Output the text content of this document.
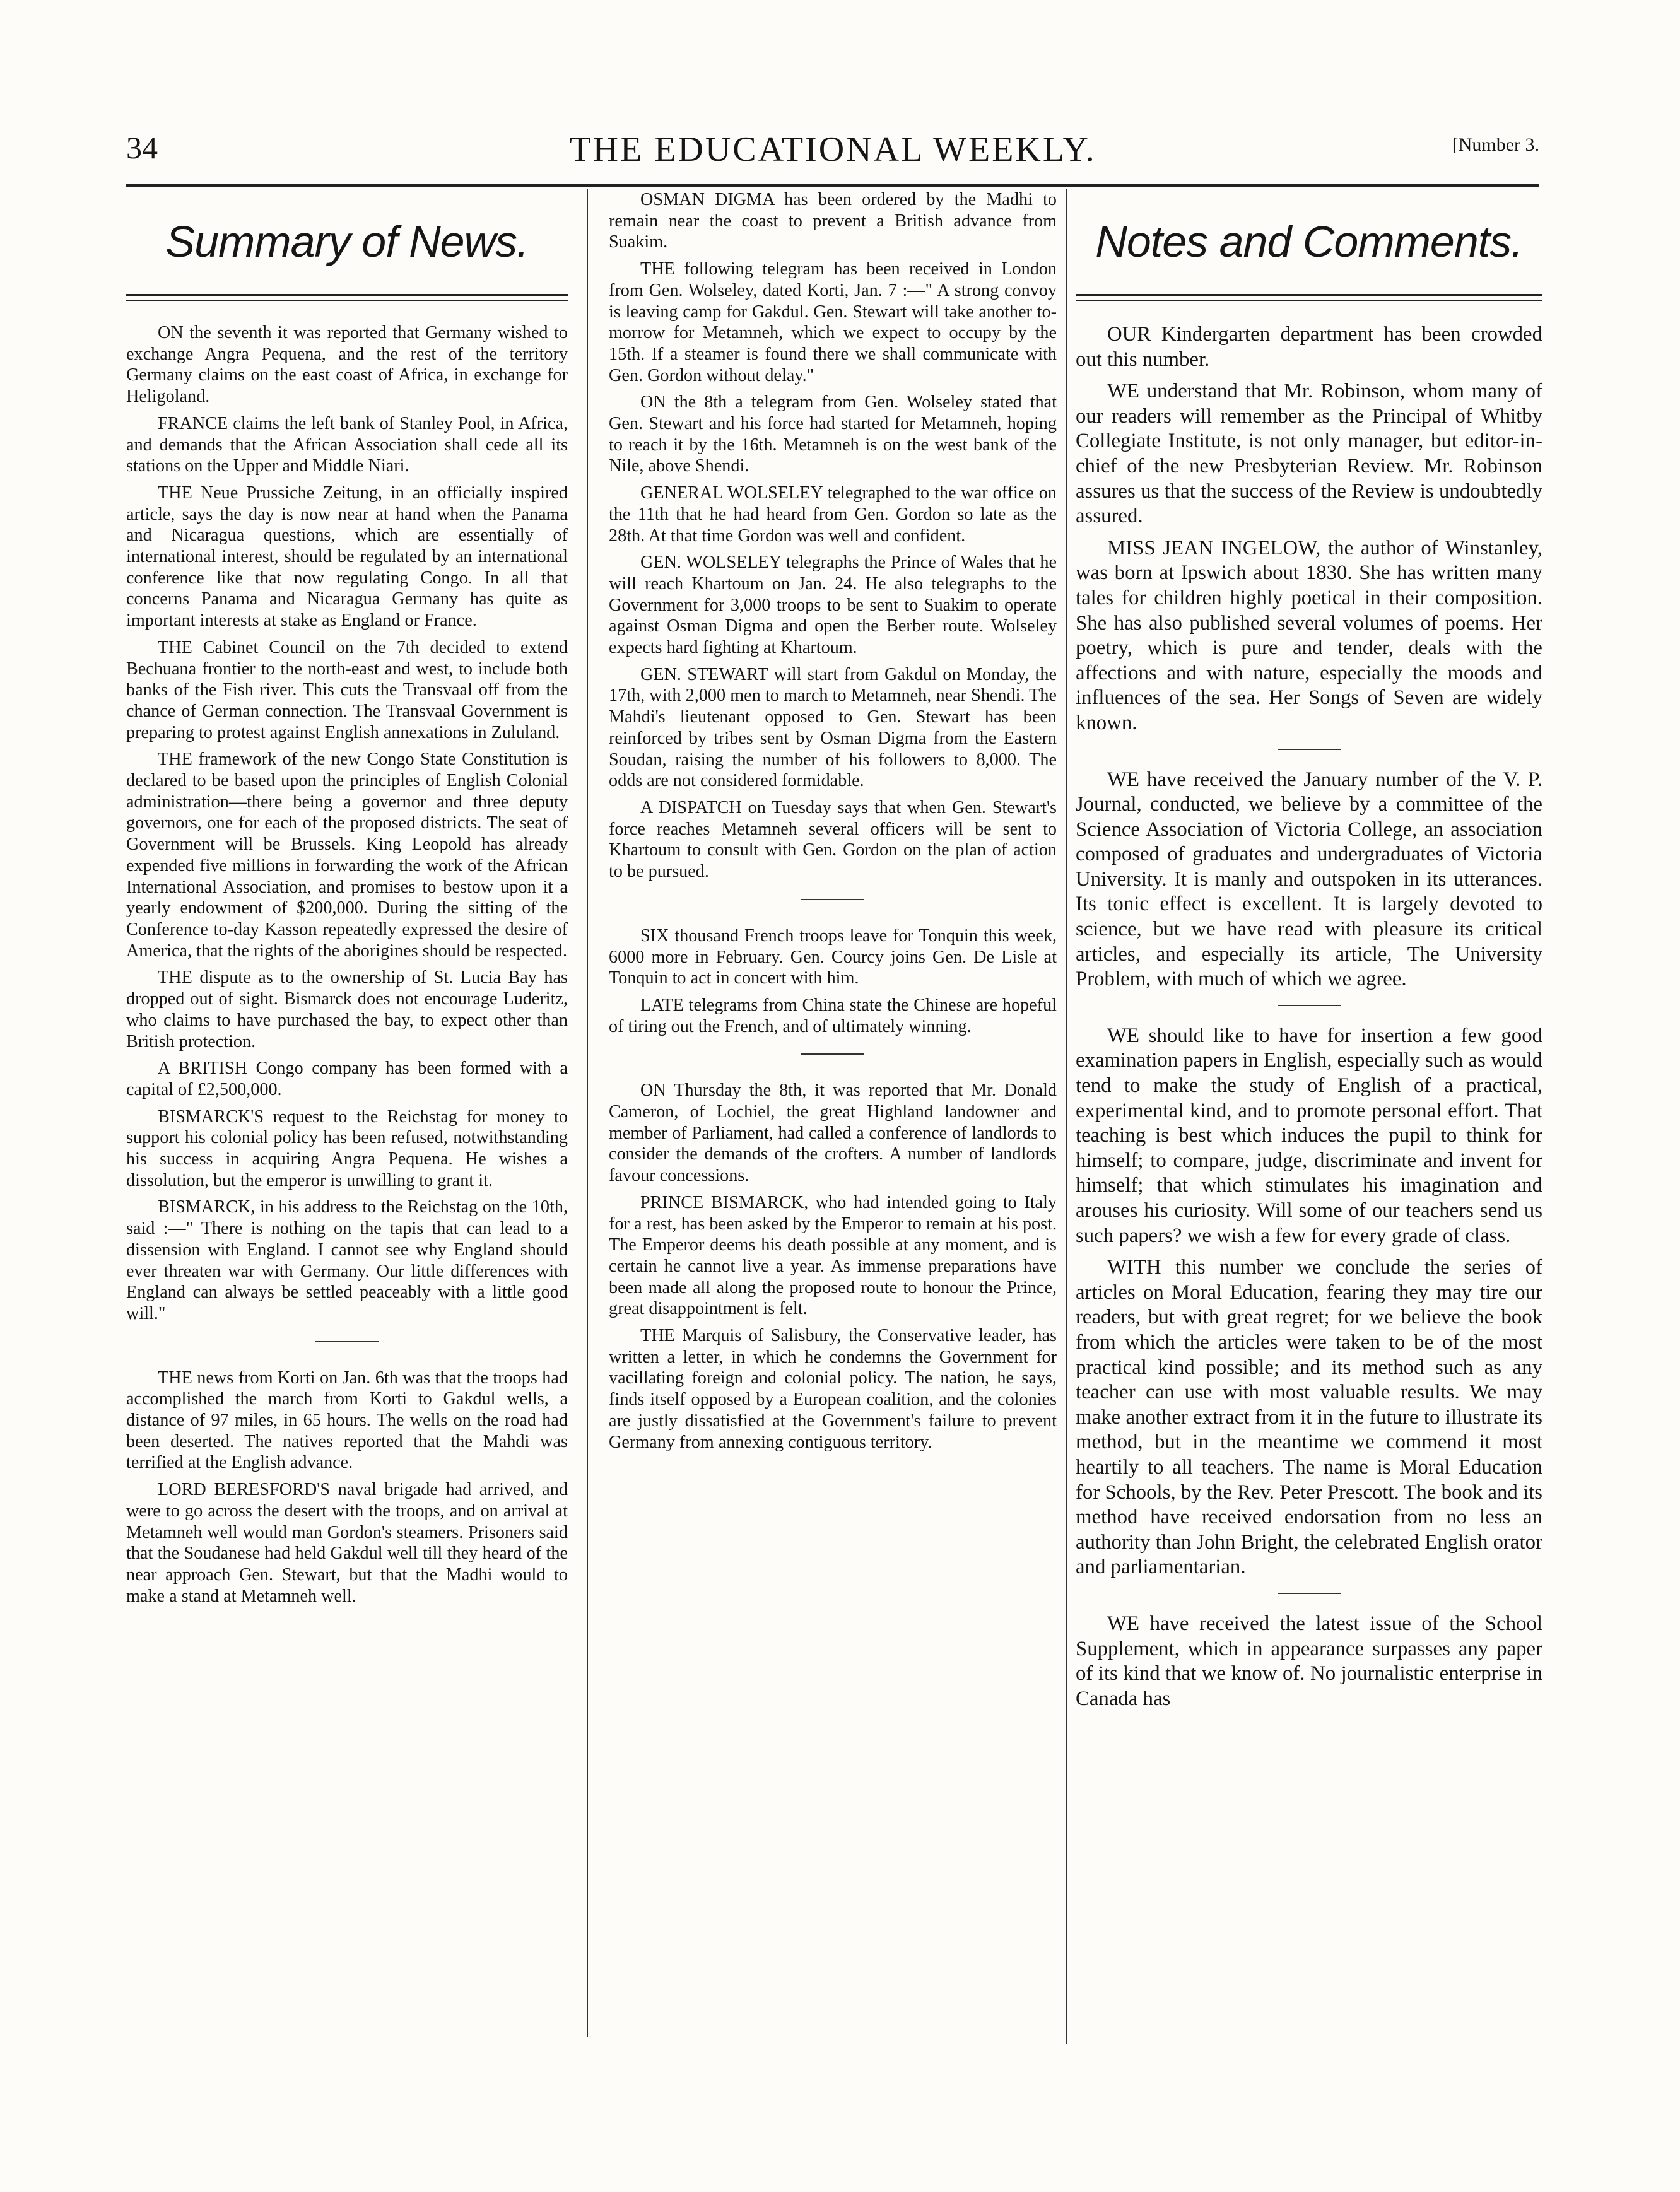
34	THE EDUCATIONAL WEEKLY.	[Number 3.
Summary of News.

ON the seventh it was reported that Germany wished to exchange Angra Pequena, and the rest of the territory Germany claims on the east coast of Africa, in exchange for Heligoland.

FRANCE claims the left bank of Stanley Pool, in Africa, and demands that the African Association shall cede all its stations on the Upper and Middle Niari.

THE Neue Prussiche Zeitung, in an officially inspired article, says the day is now near at hand when the Panama and Nicaragua questions, which are essentially of international interest, should be regulated by an international conference like that now regulating Congo. In all that concerns Panama and Nicaragua Germany has quite as important interests at stake as England or France.

THE Cabinet Council on the 7th decided to extend Bechuana frontier to the north-east and west, to include both banks of the Fish river. This cuts the Transvaal off from the chance of German connection. The Transvaal Government is preparing to protest against English annexations in Zululand.

THE framework of the new Congo State Constitution is declared to be based upon the principles of English Colonial administration—there being a governor and three deputy governors, one for each of the proposed districts. The seat of Government will be Brussels. King Leopold has already expended five millions in forwarding the work of the African International Association, and promises to bestow upon it a yearly endowment of $200,000. During the sitting of the Conference to-day Kasson repeatedly expressed the desire of America, that the rights of the aborigines should be respected.

THE dispute as to the ownership of St. Lucia Bay has dropped out of sight. Bismarck does not encourage Luderitz, who claims to have purchased the bay, to expect other than British protection.

A BRITISH Congo company has been formed with a capital of £2,500,000.

BISMARCK'S request to the Reichstag for money to support his colonial policy has been refused, notwithstanding his success in acquiring Angra Pequena. He wishes a dissolution, but the emperor is unwilling to grant it.

BISMARCK, in his address to the Reichstag on the 10th, said :—" There is nothing on the tapis that can lead to a dissension with England. I cannot see why England should ever threaten war with Germany. Our little differences with England can always be settled peaceably with a little good will."

THE news from Korti on Jan. 6th was that the troops had accomplished the march from Korti to Gakdul wells, a distance of 97 miles, in 65 hours. The wells on the road had been deserted. The natives reported that the Mahdi was terrified at the English advance.

LORD BERESFORD'S naval brigade had arrived, and were to go across the desert with the troops, and on arrival at Metamneh well would man Gordon's steamers. Prisoners said that the Soudanese had held Gakdul well till they heard of the near approach Gen. Stewart, but that the Madhi would to make a stand at Metamneh well.

OSMAN DIGMA has been ordered by the Madhi to remain near the coast to prevent a British advance from Suakim.

THE following telegram has been received in London from Gen. Wolseley, dated Korti, Jan. 7 :—" A strong convoy is leaving camp for Gakdul. Gen. Stewart will take another to-morrow for Metamneh, which we expect to occupy by the 15th. If a steamer is found there we shall communicate with Gen. Gordon without delay."

ON the 8th a telegram from Gen. Wolseley stated that Gen. Stewart and his force had started for Metamneh, hoping to reach it by the 16th. Metamneh is on the west bank of the Nile, above Shendi.

GENERAL WOLSELEY telegraphed to the war office on the 11th that he had heard from Gen. Gordon so late as the 28th. At that time Gordon was well and confident.

GEN. WOLSELEY telegraphs the Prince of Wales that he will reach Khartoum on Jan. 24. He also telegraphs to the Government for 3,000 troops to be sent to Suakim to operate against Osman Digma and open the Berber route. Wolseley expects hard fighting at Khartoum.

GEN. STEWART will start from Gakdul on Monday, the 17th, with 2,000 men to march to Metamneh, near Shendi. The Mahdi's lieutenant opposed to Gen. Stewart has been reinforced by tribes sent by Osman Digma from the Eastern Soudan, raising the number of his followers to 8,000. The odds are not considered formidable.

A DISPATCH on Tuesday says that when Gen. Stewart's force reaches Metamneh several officers will be sent to Khartoum to consult with Gen. Gordon on the plan of action to be pursued.

SIX thousand French troops leave for Tonquin this week, 6000 more in February. Gen. Courcy joins Gen. De Lisle at Tonquin to act in concert with him.

LATE telegrams from China state the Chinese are hopeful of tiring out the French, and of ultimately winning.

ON Thursday the 8th, it was reported that Mr. Donald Cameron, of Lochiel, the great Highland landowner and member of Parliament, had called a conference of landlords to consider the demands of the crofters. A number of landlords favour concessions.

PRINCE BISMARCK, who had intended going to Italy for a rest, has been asked by the Emperor to remain at his post. The Emperor deems his death possible at any moment, and is certain he cannot live a year. As immense preparations have been made all along the proposed route to honour the Prince, great disappointment is felt.

THE Marquis of Salisbury, the Conservative leader, has written a letter, in which he condemns the Government for vacillating foreign and colonial policy. The nation, he says, finds itself opposed by a European coalition, and the colonies are justly dissatisfied at the Government's failure to prevent Germany from annexing contiguous territory.

Notes and Comments.

OUR Kindergarten department has been crowded out this number.

WE understand that Mr. Robinson, whom many of our readers will remember as the Principal of Whitby Collegiate Institute, is not only manager, but editor-in-chief of the new Presbyterian Review. Mr. Robinson assures us that the success of the Review is undoubtedly assured.

MISS JEAN INGELOW, the author of Winstanley, was born at Ipswich about 1830. She has written many tales for children highly poetical in their composition. She has also published several volumes of poems. Her poetry, which is pure and tender, deals with the affections and with nature, especially the moods and influences of the sea. Her Songs of Seven are widely known.

WE have received the January number of the V. P. Journal, conducted, we believe by a committee of the Science Association of Victoria College, an association composed of graduates and undergraduates of Victoria University. It is manly and outspoken in its utterances. Its tonic effect is excellent. It is largely devoted to science, but we have read with pleasure its critical articles, and especially its article, The University Problem, with much of which we agree.

WE should like to have for insertion a few good examination papers in English, especially such as would tend to make the study of English of a practical, experimental kind, and to promote personal effort. That teaching is best which induces the pupil to think for himself; to compare, judge, discriminate and invent for himself; that which stimulates his imagination and arouses his curiosity. Will some of our teachers send us such papers? we wish a few for every grade of class.

WITH this number we conclude the series of articles on Moral Education, fearing they may tire our readers, but with great regret; for we believe the book from which the articles were taken to be of the most practical kind possible; and its method such as any teacher can use with most valuable results. We may make another extract from it in the future to illustrate its method, but in the meantime we commend it most heartily to all teachers. The name is Moral Education for Schools, by the Rev. Peter Prescott. The book and its method have received endorsation from no less an authority than John Bright, the celebrated English orator and parliamentarian.

WE have received the latest issue of the School Supplement, which in appearance surpasses any paper of its kind that we know of. No journalistic enterprise in Canada has
